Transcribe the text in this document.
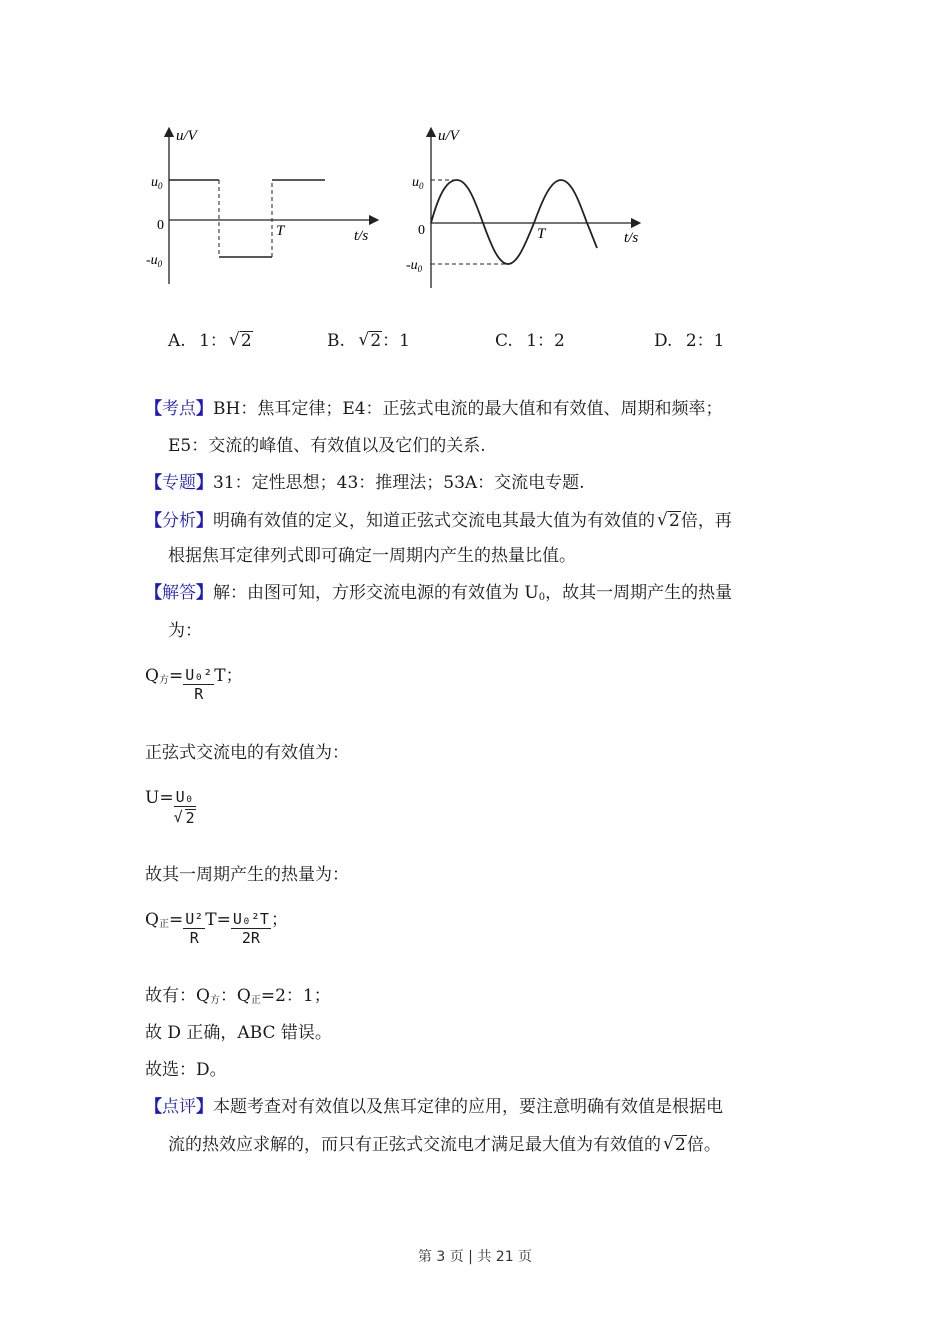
u/V
$u_0$
0
$-u_0$
T	t/s
u/V
$u_0$
0
$-u_0$
T	t/s
A. 1： √ 2	B. √ 2：1	C. 1：2	D. 2：1
【考点】BH：焦耳定律；E4：正弦式电流的最大值和有效值、周期和频率；
E5：交流的峰值、有效值以及它们的关系.
【专题】31：定性思想；43：推理法；53A：交流电专题.
【分析】明确有效值的定义，知道正弦式交流电其最大值为有效值的 √ 2倍，再
根据焦耳定律列式即可确定一周期内产生的热量比值。
【解答】解：由图可知，方形交流电源的有效值为 $U_0$，故其一周期产生的热量
为：
$Q_方= \frac{\text{U₀²}}{R}$ T；
正弦式交流电的有效值为：
$U= \frac{\text{U₀}}{√ 2}$
故其一周期产生的热量为：
$Q_正= \frac{\text{U²}}{R} T= \frac{\text{U₀²T}}{2R}$ ；
故有：$Q_方$：$Q_正=2$：1；
故 D 正确，ABC 错误。
故选：D。
【点评】本题考查对有效值以及焦耳定律的应用，要注意明确有效值是根据电
流的热效应求解的，而只有正弦式交流电才满足最大值为有效值的 √ 2倍。
第 3 页 | 共 21 页
